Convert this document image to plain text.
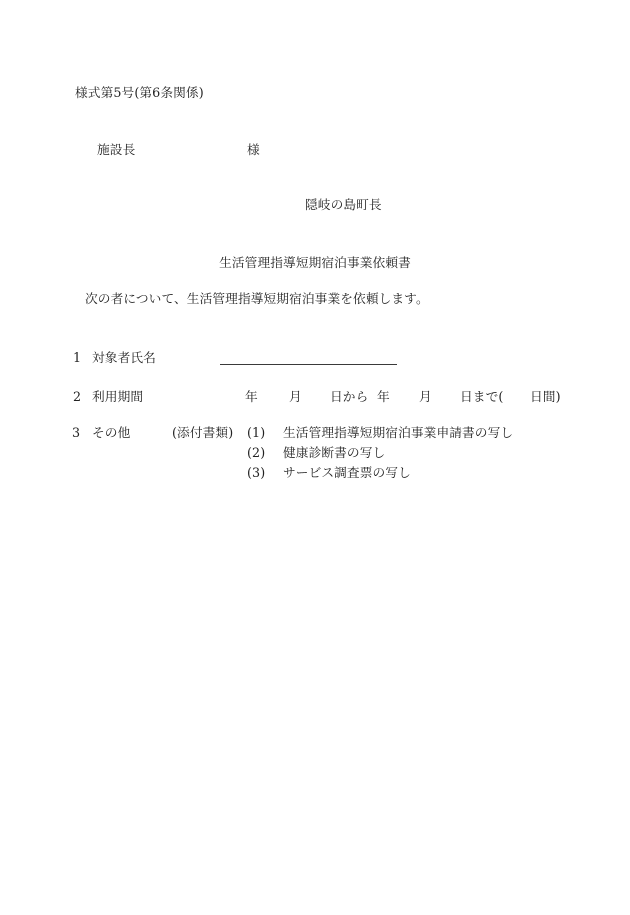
様式第5号(第6条関係)
施設長	様
隠岐の島町長
生活管理指導短期宿泊事業依頼書
次の者について、生活管理指導短期宿泊事業を依頼します。
1 対象者氏名
2 利用期間	年 月 日から 年 月 日まで( 日間)
3 その他	(添付書類) (1) 生活管理指導短期宿泊事業申請書の写し
(2) 健康診断書の写し
(3) サービス調査票の写し
